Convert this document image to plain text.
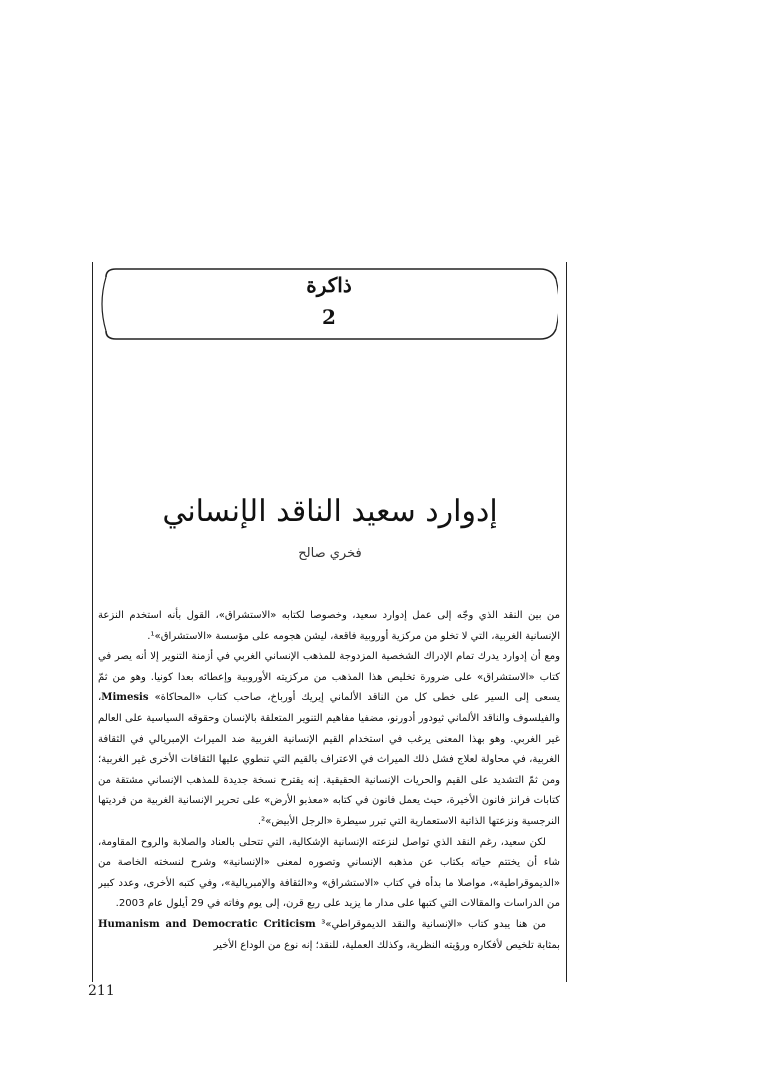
ذاكرة
2
إدوارد سعيد الناقد الإنساني
فخري صالح

من بين النقد الذي وجّه إلى عمل إدوارد سعيد، وخصوصا لكتابه «الاستشراق»، القول بأنه استخدم النزعة الإنسانية الغربية، التي لا تخلو من مركزية أوروبية فاقعة، ليشن هجومه على مؤسسة «الاستشراق»¹.

ومع أن إدوارد يدرك تمام الإدراك الشخصية المزدوجة للمذهب الإنساني الغربي في أزمنة التنوير إلا أنه يصر في كتاب «الاستشراق» على ضرورة تخليص هذا المذهب من مركزيته الأوروبية وإعطائه بعدا كونيا. وهو من ثمّ يسعى إلى السير على خطى كل من الناقد الألماني إيريك أورباخ، صاحب كتاب «المحاكاة» Mimesis، والفيلسوف والناقد الألماني ثيودور أدورنو، مضفيا مفاهيم التنوير المتعلقة بالإنسان وحقوقه السياسية على العالم غير الغربي. وهو بهذا المعنى يرغب في استخدام القيم الإنسانية الغربية ضد الميراث الإمبريالي في الثقافة الغربية، في محاولة لعلاج فشل ذلك الميراث في الاعتراف بالقيم التي تنطوي عليها الثقافات الأخرى غير الغربية؛ ومن ثمّ التشديد على القيم والحريات الإنسانية الحقيقية. إنه يقترح نسخة جديدة للمذهب الإنساني مشتقة من كتابات فرانز فانون الأخيرة، حيث يعمل فانون في كتابه «معذبو الأرض» على تحرير الإنسانية الغربية من فرديتها النرجسية ونزعتها الذاتية الاستعمارية التي تبرر سيطرة «الرجل الأبيض»².

لكن سعيد، رغم النقد الذي تواصل لنزعته الإنسانية الإشكالية، التي تتحلى بالعناد والصلابة والروح المقاومة، شاء أن يختتم حياته بكتاب عن مذهبه الإنساني وتصوره لمعنى «الإنسانية» وشرح لنسخته الخاصة من «الديموقراطية»، مواصلا ما بدأه في كتاب «الاستشراق» و«الثقافة والإمبريالية»، وفي كتبه الأخرى، وعدد كبير من الدراسات والمقالات التي كتبها على مدار ما يزيد على ربع قرن، إلى يوم وفاته في 29 أيلول عام 2003.

من هنا يبدو كتاب «الإنسانية والنقد الديموقراطي»³ Humanism and Democratic Criticism بمثابة تلخيص لأفكاره ورؤيته النظرية، وكذلك العملية، للنقد؛ إنه نوع من الوداع الأخير

211
